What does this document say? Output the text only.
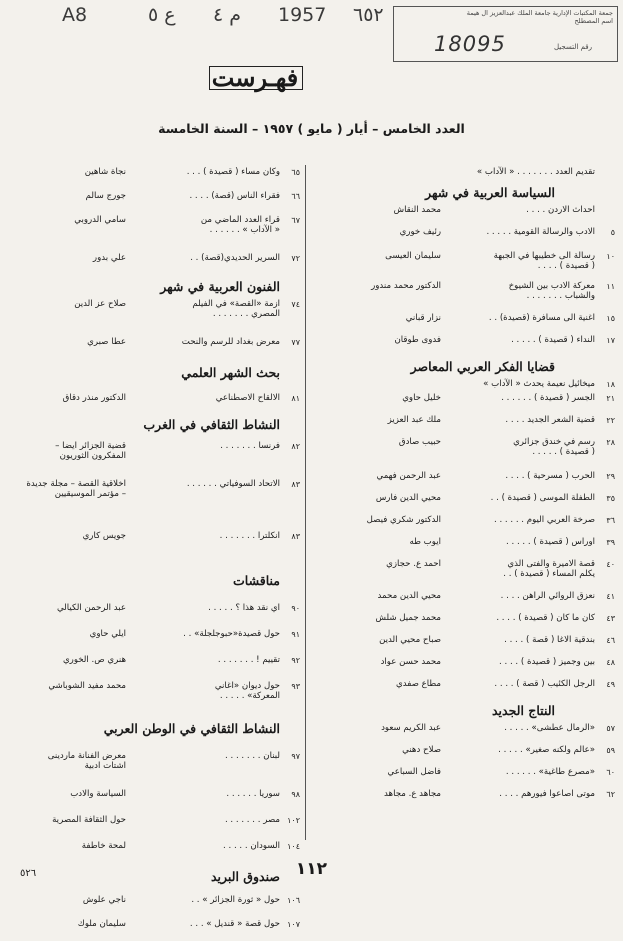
٦٥٢
1957
م ٤
ع ٥
A8	جمعة المكتبات الإدارية جامعة الملك عبدالعزيز ال هيمة
اسم المصطلح
رقم التسجيل
18095
فهـرست
العدد الخامس – أيار ( مايو ) ١٩٥٧ – السنة الخامسة
تقديم العدد . . . . . . . « الآداب »
السياسة العربية في شهر
احداث الاردن . . . .
محمد النقاش
٥
الادب والرسالة القومية . . . . .
رئيف خوري
١٠
رسالة الى خطيبها في الجبهة
( قصيدة ) . . . .
سليمان العيسى
١١
معركة الادب بين الشيوخ
والشباب . . . . . . .
الدكتور محمد مندور
١٥
اغنية الى مسافرة (قصيدة) . .
نزار قباني
١٧
النداء ( قصيدة ) . . . . .
فدوى طوقان
قضايا الفكر العربي المعاصر
١٨
ميخائيل نعيمة يحدث « الآداب »
٢١
الجسر ( قصيدة ) . . . . . .
خليل حاوي
٢٢
قضية الشعر الجديد . . . .
ملك عبد العزيز
٢٨
رسم في خندق جزائري
( قصيدة ) . . . . .
حبيب صادق
٢٩
الحرب ( مسرحية ) . . . .
عبد الرحمن فهمي
٣٥
الطفلة الموسى ( قصيدة ) . .
محيي الدين فارس
٣٦
صرخة العربي اليوم . . . . . .
الدكتور شكري فيصل
٣٩
اوراس ( قصيدة ) . . . . .
ايوب طه
٤٠
قصة الاميرة والفتى الذي
يكلم المساء ( قصيدة ) . .
احمد ع. حجازي
٤١
نعزق الروائي الراهن . . . .
محيي الدين محمد
٤٣
كان ما كان ( قصيدة ) . . . .
محمد جميل شلش
٤٦
بندقية الاغا ( قصة ) . . . .
صباح محيي الدين
٤٨
بين وجميز ( قصيدة ) . . . .
محمد حسن عواد
٤٩
الرجل الكئيب ( قصة ) . . . .
مطاع صفدي
النتاج الجديد
٥٧
«الرمال عطشى» . . . . .
عبد الكريم سعود
٥٩
«عالم ولكنه صغير» . . . . .
صلاح دهني
٦٠
«مصرع طاغية» . . . . . .
فاضل السباعي
٦٢
موتى اصاعوا فيورهم . . . .
مجاهد ع. مجاهد
٦٥
وكان مساء ( قصيدة ) . . .
نجاة شاهين
٦٦
فقراء الناس (قصة) . . . .
جورج سالم
٦٧
قراء العدد الماضي من
« الآداب » . . . . . .
سامي الدروبي
٧٢
السرير الحديدي(قصة) . .
علي بدور
الفنون العربية في شهر
٧٤
ازمة «القصة» في الفيلم
المصري . . . . . . .
صلاح عز الدين
٧٧
معرض بغداد للرسم والنحت
عطا صبري
بحث الشهر العلمي
٨١
الالقاح الاصطناعي
الدكتور منذر دقاق
النشاط الثقافي في الغرب
٨٢
فرنسا . . . . . . .
قضية الجزائر ايضا –
المفكرون الثوريون
٨٣
الاتحاد السوفياتي . . . . . .
اخلاقية القصة – مجلة جديدة
– مؤتمر الموسيقيين
٨٣
انكلترا . . . . . . .
جويس كاري
مناقشات
٩٠
اي نقد هذا ؟ . . . . .
عبد الرحمن الكيالي
٩١
حول قصيدة«حبوجلجلة» . .
ايلي حاوي
٩٢
تقييم ! . . . . . . .
هنري ص. الخوري
٩٣
حول ديوان «اغاني
المعركة» . . . . .
محمد مفيد الشوباشي
النشاط الثقافي في الوطن العربي
٩٧
لبنان . . . . . . .
معرض الفنانة ماردينى
اشتات ادبية
٩٨
سوريا . . . . . .
السياسة والادب
١٠٢
مصر . . . . . . .
حول الثقافة المصرية
١٠٤
السودان . . . . .
لمحة خاطفة
صندوق البريد
١٠٦
حول « ثورة الجزائر » . .
ناجي علوش
١٠٧
حول قصة « قنديل » . . .
سليمان ملوك
١١٢
٥٢٦
